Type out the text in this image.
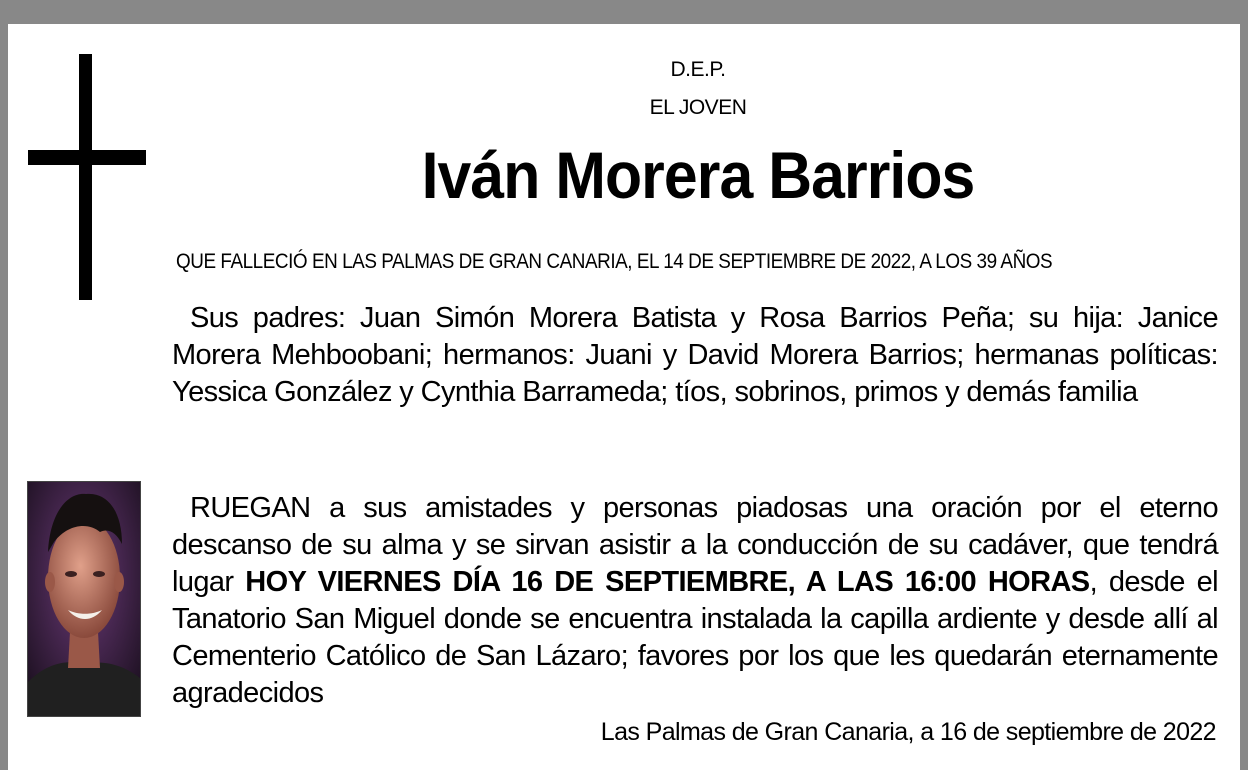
D.E.P.
EL JOVEN
Iván Morera Barrios
QUE FALLECIÓ EN LAS PALMAS DE GRAN CANARIA, EL 14 DE SEPTIEMBRE DE 2022, A LOS 39 AÑOS
Sus padres: Juan Simón Morera Batista y Rosa Barrios Peña; su hija: Janice Morera Mehboobani; hermanos: Juani y David Morera Barrios; hermanas políticas: Yessica González y Cynthia Barrameda; tíos, sobrinos, primos y demás familia
RUEGAN a sus amistades y personas piadosas una oración por el eterno descanso de su alma y se sirvan asistir a la conducción de su cadáver, que tendrá lugar HOY VIERNES DÍA 16 DE SEPTIEMBRE, A LAS 16:00 HORAS, desde el Tanatorio San Miguel donde se encuentra instalada la capilla ardiente y desde allí al Cementerio Católico de San Lázaro; favores por los que les quedarán eternamente agradecidos
Las Palmas de Gran Canaria, a 16 de septiembre de 2022
